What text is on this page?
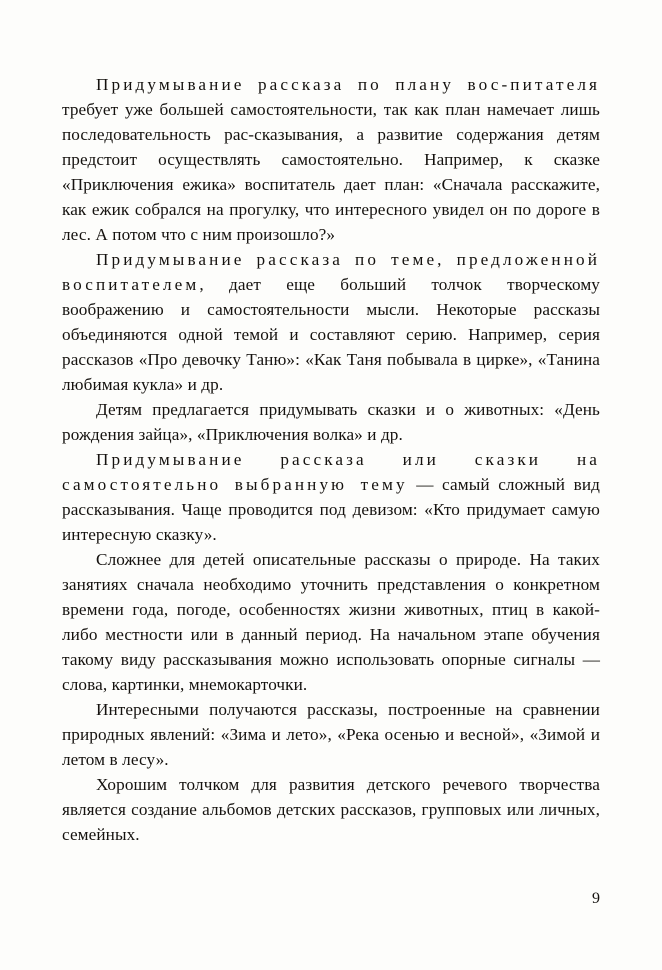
Придумывание рассказа по плану вос-питателя требует уже большей самостоятельности, так как план намечает лишь последовательность рас-сказывания, а развитие содержания детям предстоит осуществлять самостоятельно. Например, к сказке «Приключения ежика» воспитатель дает план: «Сначала расскажите, как ежик собрался на прогулку, что интересного увидел он по дороге в лес. А потом что с ним произошло?»

Придумывание рассказа по теме, предложенной воспитателем, дает еще больший толчок творческому воображению и самостоятельности мысли. Некоторые рассказы объединяются одной темой и составляют серию. Например, серия рассказов «Про девочку Таню»: «Как Таня побывала в цирке», «Танина любимая кукла» и др.

Детям предлагается придумывать сказки и о животных: «День рождения зайца», «Приключения волка» и др.

Придумывание рассказа или сказки на самостоятельно выбранную тему — самый сложный вид рассказывания. Чаще проводится под девизом: «Кто придумает самую интересную сказку».

Сложнее для детей описательные рассказы о природе. На таких занятиях сначала необходимо уточнить представления о конкретном времени года, погоде, особенностях жизни животных, птиц в какой-либо местности или в данный период. На начальном этапе обучения такому виду рассказывания можно использовать опорные сигналы — слова, картинки, мнемокарточки.

Интересными получаются рассказы, построенные на сравнении природных явлений: «Зима и лето», «Река осенью и весной», «Зимой и летом в лесу».

Хорошим толчком для развития детского речевого творчества является создание альбомов детских рассказов, групповых или личных, семейных.

9
